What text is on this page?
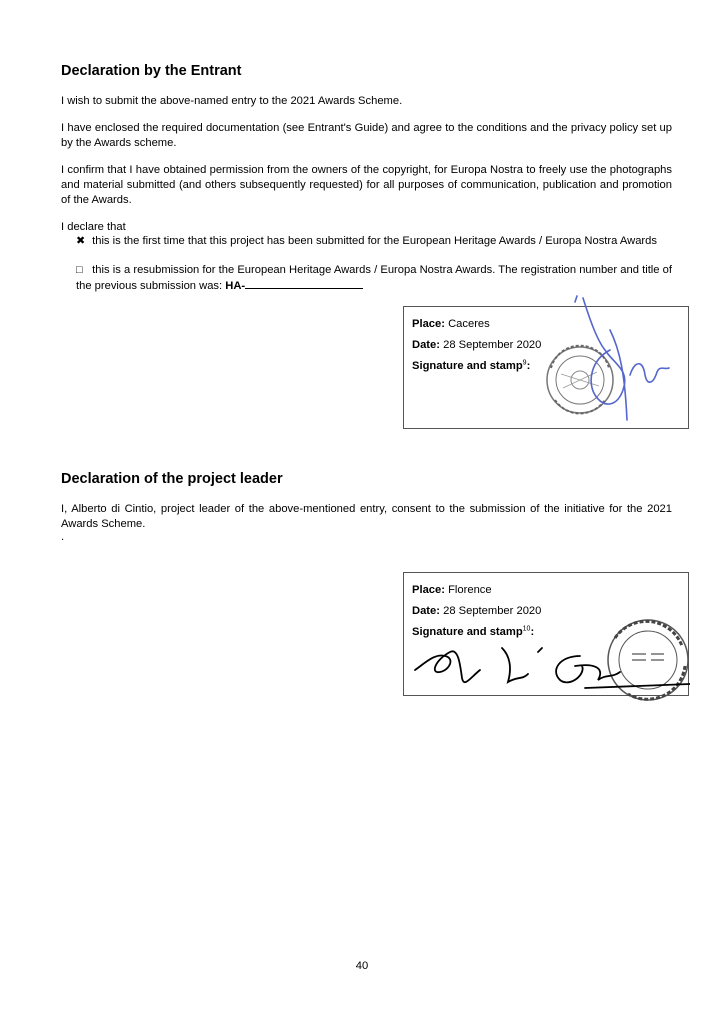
Declaration by the Entrant

I wish to submit the above-named entry to the 2021 Awards Scheme.

I have enclosed the required documentation (see Entrant's Guide) and agree to the conditions and the privacy policy set up by the Awards scheme.

I confirm that I have obtained permission from the owners of the copyright, for Europa Nostra to freely use the photographs and material submitted (and others subsequently requested) for all purposes of communication, publication and promotion of the Awards.

I declare that

✖ this is the first time that this project has been submitted for the European Heritage Awards / Europa Nostra Awards
□ this is a resubmission for the European Heritage Awards / Europa Nostra Awards. The registration number and title of the previous submission was: HA-
Place: Caceres
Date: 28 September 2020
Signature and stamp$^9$:
Declaration of the project leader

I, Alberto di Cintio, project leader of the above-mentioned entry, consent to the submission of the initiative for the 2021 Awards Scheme.

.

Place: Florence
Date: 28 September 2020
Signature and stamp$^{10}$:
40
